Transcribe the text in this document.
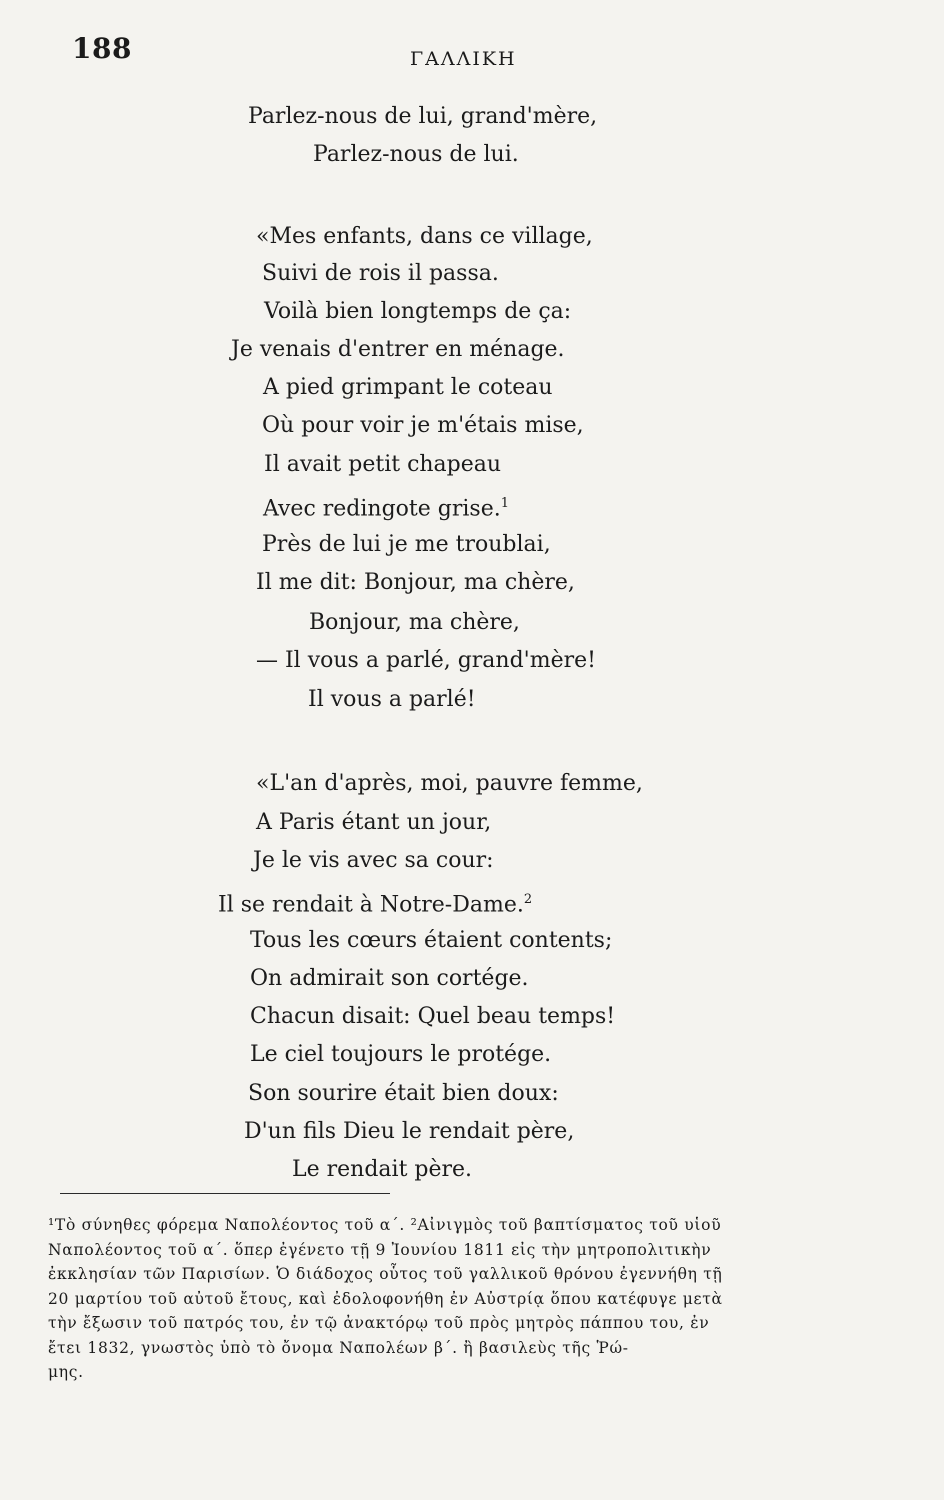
188	ΓΑΛΛΙΚΗ
Parlez-nous de lui, grand'mère,
Parlez-nous de lui.
«Mes enfants, dans ce village,
Suivi de rois il passa.
Voilà bien longtemps de ça:
Je venais d'entrer en ménage.
A pied grimpant le coteau
Où pour voir je m'étais mise,
Il avait petit chapeau
Avec redingote grise.$^1$
Près de lui je me troublai,
Il me dit: Bonjour, ma chère,
Bonjour, ma chère,
— Il vous a parlé, grand'mère!
Il vous a parlé!
«L'an d'après, moi, pauvre femme,
A Paris étant un jour,
Je le vis avec sa cour:
Il se rendait à Notre-Dame.$^2$
Tous les cœurs étaient contents;
On admirait son cortége.
Chacun disait: Quel beau temps!
Le ciel toujours le protége.
Son sourire était bien doux:
D'un fils Dieu le rendait père,
Le rendait père.
¹Τὸ σύνηθες φόρεμα Ναπολέοντος τοῦ α΄. ²Αἰνιγμὸς τοῦ βαπτίσματος τοῦ υἱοῦ
Ναπολέοντος τοῦ α΄. ὅπερ ἐγένετο τῇ 9 Ἰουνίου 1811 εἰς τὴν μητροπολιτικὴν
ἐκκλησίαν τῶν Παρισίων. Ὁ διάδοχος οὗτος τοῦ γαλλικοῦ θρόνου ἐγεννήθη τῇ
20 μαρτίου τοῦ αὐτοῦ ἔτους, καὶ ἐδολοφονήθη ἐν Αὐστρίᾳ ὅπου κατέφυγε μετὰ
τὴν ἔξωσιν τοῦ πατρός του, ἐν τῷ ἀνακτόρῳ τοῦ πρὸς μητρὸς πάππου του, ἐν
ἔτει 1832, γνωστὸς ὑπὸ τὸ ὄνομα Ναπολέων β΄. ἢ βασιλεὺς τῆς Ῥώ-
μης.
